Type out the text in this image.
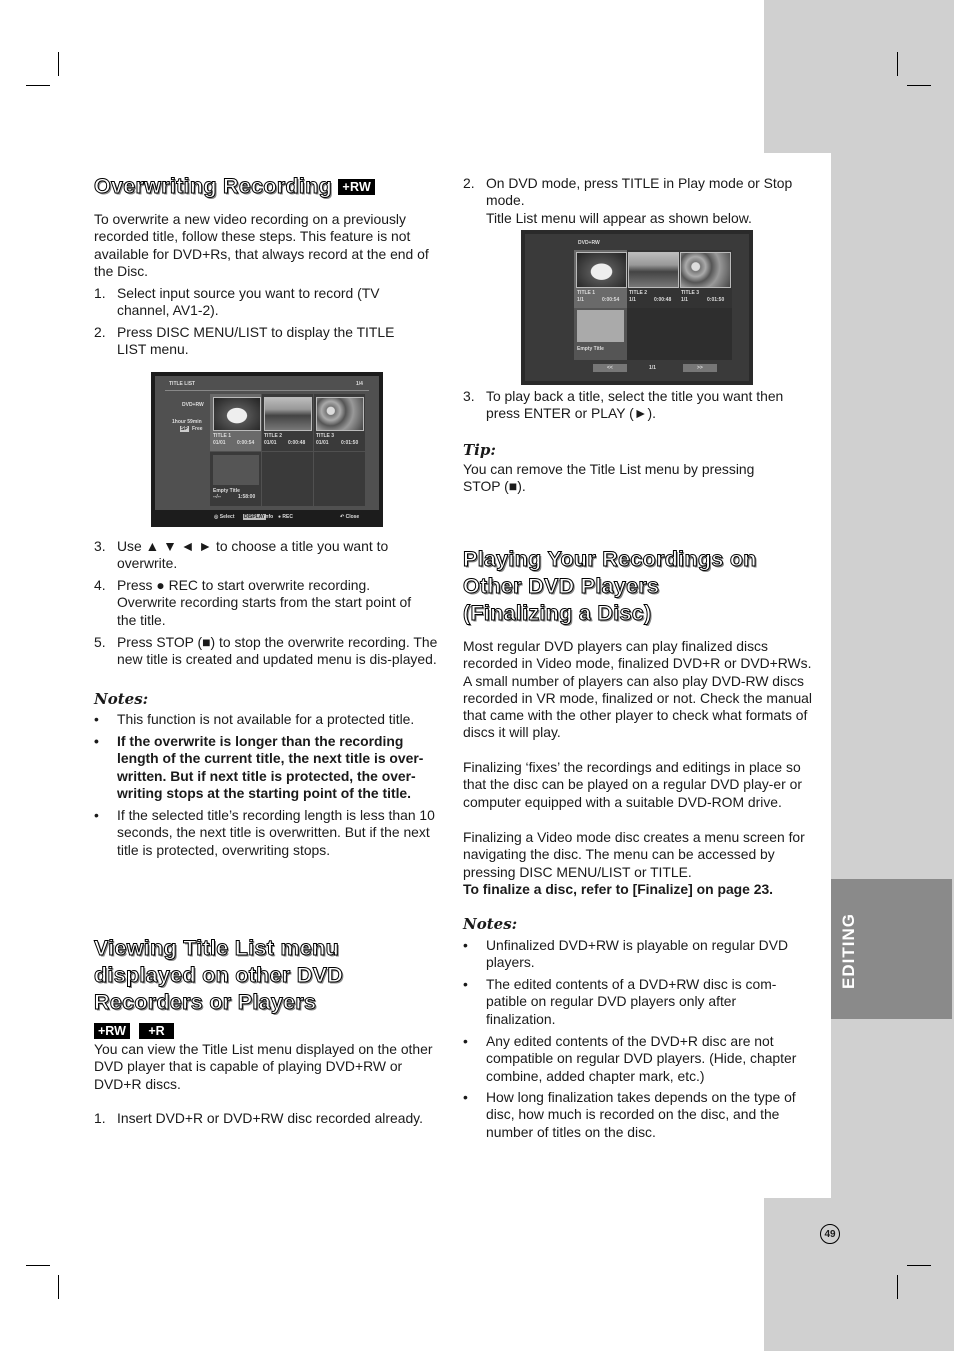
EDITING
49
Overwriting Recording +RW

To overwrite a new video recording on a previously recorded title, follow these steps. This feature is not available for DVD+Rs, that always record at the end of the Disc.

1. Select input source you want to record (TV channel, AV1-2).
2. Press DISC MENU/LIST to display the TITLE LIST menu.
TITLE LIST	1/4
DVD+RW
1hour 59min
SP Free
TITLE 1
01/01 0:00:54
TITLE 2
01/01 0:00:48
TITLE 3
01/01 0:01:50
Empty Title
--/--	1:58:00
◎ Select DISPLAY
Info ● REC	↶ Close
3. Use ▲ ▼ ◄ ► to choose a title you want to overwrite.
4. Press ● REC to start overwrite recording. Overwrite recording starts from the start point of the title.
5. Press STOP (■) to stop the overwrite recording. The new title is created and updated menu is dis-played.

Notes:

• This function is not available for a protected title.
• If the overwrite is longer than the recording length of the current title, the next title is over-written. But if next title is protected, the over-writing stops at the starting point of the title.
• If the selected title’s recording length is less than 10 seconds, the next title is overwritten. But if the next title is protected, overwriting stops.
Viewing Title List menu
displayed on other DVD
Recorders or Players
+RW +R

You can view the Title List menu displayed on the other DVD player that is capable of playing DVD+RW or DVD+R discs.

1. Insert DVD+R or DVD+RW disc recorded already.
2. On DVD mode, press TITLE in Play mode or Stop mode.
Title List menu will appear as shown below.
DVD+RW
TITLE 1
1/1	0:00:54
TITLE 2
1/1	0:00:48
TITLE 3
1/1	0:01:50
Empty Title
<<	1/1	>>
3. To play back a title, select the title you want then press ENTER or PLAY (►).

Tip:

You can remove the Title List menu by pressing STOP (■).

Playing Your Recordings on
Other DVD Players
(Finalizing a Disc)

Most regular DVD players can play finalized discs recorded in Video mode, finalized DVD+R or DVD+RWs. A small number of players can also play DVD-RW discs recorded in VR mode, finalized or not. Check the manual that came with the other player to check what formats of discs it will play.

Finalizing ‘fixes’ the recordings and editings in place so that the disc can be played on a regular DVD play-er or computer equipped with a suitable DVD-ROM drive.

Finalizing a Video mode disc creates a menu screen for navigating the disc. The menu can be accessed by pressing DISC MENU/LIST or TITLE.

To finalize a disc, refer to [Finalize] on page 23.

Notes:

• Unfinalized DVD+RW is playable on regular DVD players.
• The edited contents of a DVD+RW disc is com-patible on regular DVD players only after finalization.
• Any edited contents of the DVD+R disc are not compatible on regular DVD players. (Hide, chapter combine, added chapter mark, etc.)
• How long finalization takes depends on the type of disc, how much is recorded on the disc, and the number of titles on the disc.
